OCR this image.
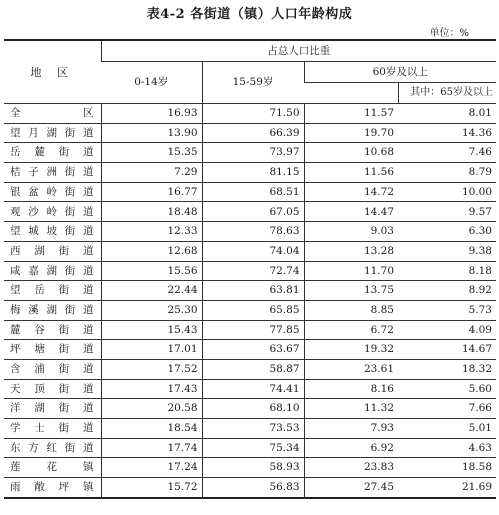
表4-2 各街道（镇）人口年龄构成
单位：%
地 区	占总人口比重			
	0-14岁	15-59岁	60岁及以上	
				其中：65岁及以上
全区	16.93	71.50	11.57	8.01
望月湖街道	13.90	66.39	19.70	14.36
岳麓街道	15.35	73.97	10.68	7.46
桔子洲街道	7.29	81.15	11.56	8.79
银盆岭街道	16.77	68.51	14.72	10.00
观沙岭街道	18.48	67.05	14.47	9.57
望城坡街道	12.33	78.63	9.03	6.30
西湖街道	12.68	74.04	13.28	9.38
咸嘉湖街道	15.56	72.74	11.70	8.18
望岳街道	22.44	63.81	13.75	8.92
梅溪湖街道	25.30	65.85	8.85	5.73
麓谷街道	15.43	77.85	6.72	4.09
坪塘街道	17.01	63.67	19.32	14.67
含浦街道	17.52	58.87	23.61	18.32
天顶街道	17.43	74.41	8.16	5.60
洋湖街道	20.58	68.10	11.32	7.66
学士街道	18.54	73.53	7.93	5.01
东方红街道	17.74	75.34	6.92	4.63
莲花镇	17.24	58.93	23.83	18.58
雨敞坪镇	15.72	56.83	27.45	21.69
